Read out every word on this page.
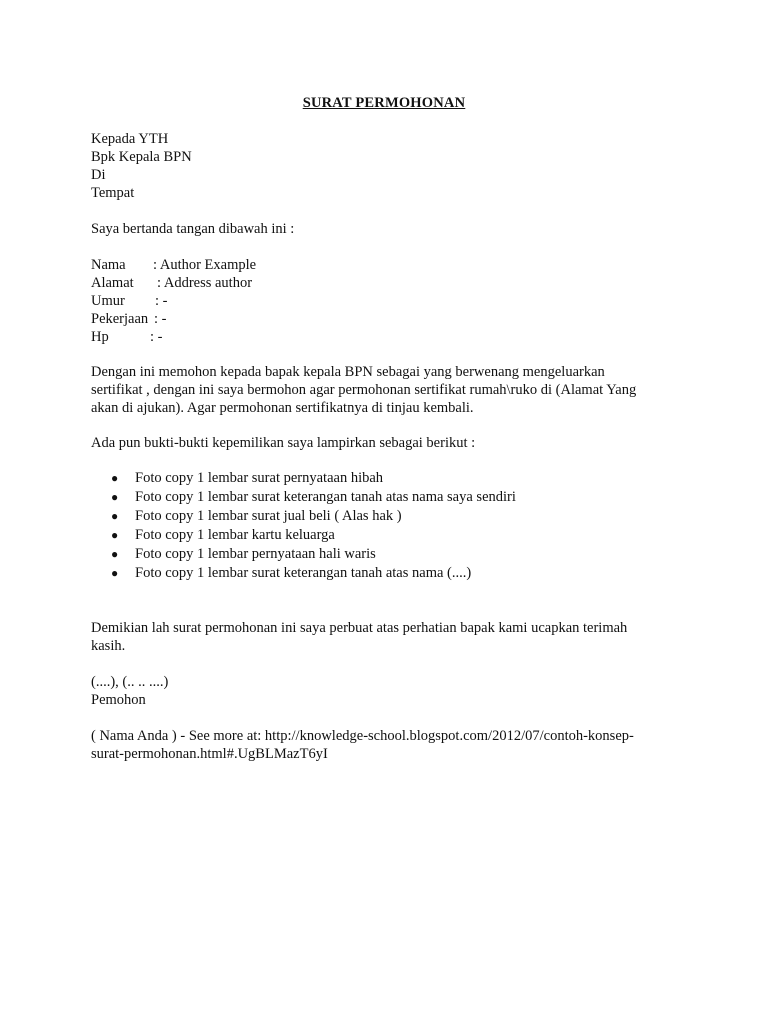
SURAT PERMOHONAN
Kepada YTH
Bpk Kepala BPN
Di
Tempat
Saya bertanda tangan dibawah ini :
Nama : Author Example
Alamat : Address author
Umur : -
Pekerjaan : -
Hp	: -
Dengan ini memohon kepada bapak kepala BPN sebagai yang berwenang mengeluarkan
sertifikat , dengan ini saya bermohon agar permohonan sertifikat rumah\ruko di (Alamat Yang
akan di ajukan). Agar permohonan sertifikatnya di tinjau kembali.
Ada pun bukti-bukti kepemilikan saya lampirkan sebagai berikut :
● Foto copy 1 lembar surat pernyataan hibah
● Foto copy 1 lembar surat keterangan tanah atas nama saya sendiri
● Foto copy 1 lembar surat jual beli ( Alas hak )
● Foto copy 1 lembar kartu keluarga
● Foto copy 1 lembar pernyataan hali waris
● Foto copy 1 lembar surat keterangan tanah atas nama (....)
Demikian lah surat permohonan ini saya perbuat atas perhatian bapak kami ucapkan terimah
kasih.
(....), (.. .. ....)
Pemohon
( Nama Anda ) - See more at: http://knowledge-school.blogspot.com/2012/07/contoh-konsep-
surat-permohonan.html#.UgBLMazT6yI
